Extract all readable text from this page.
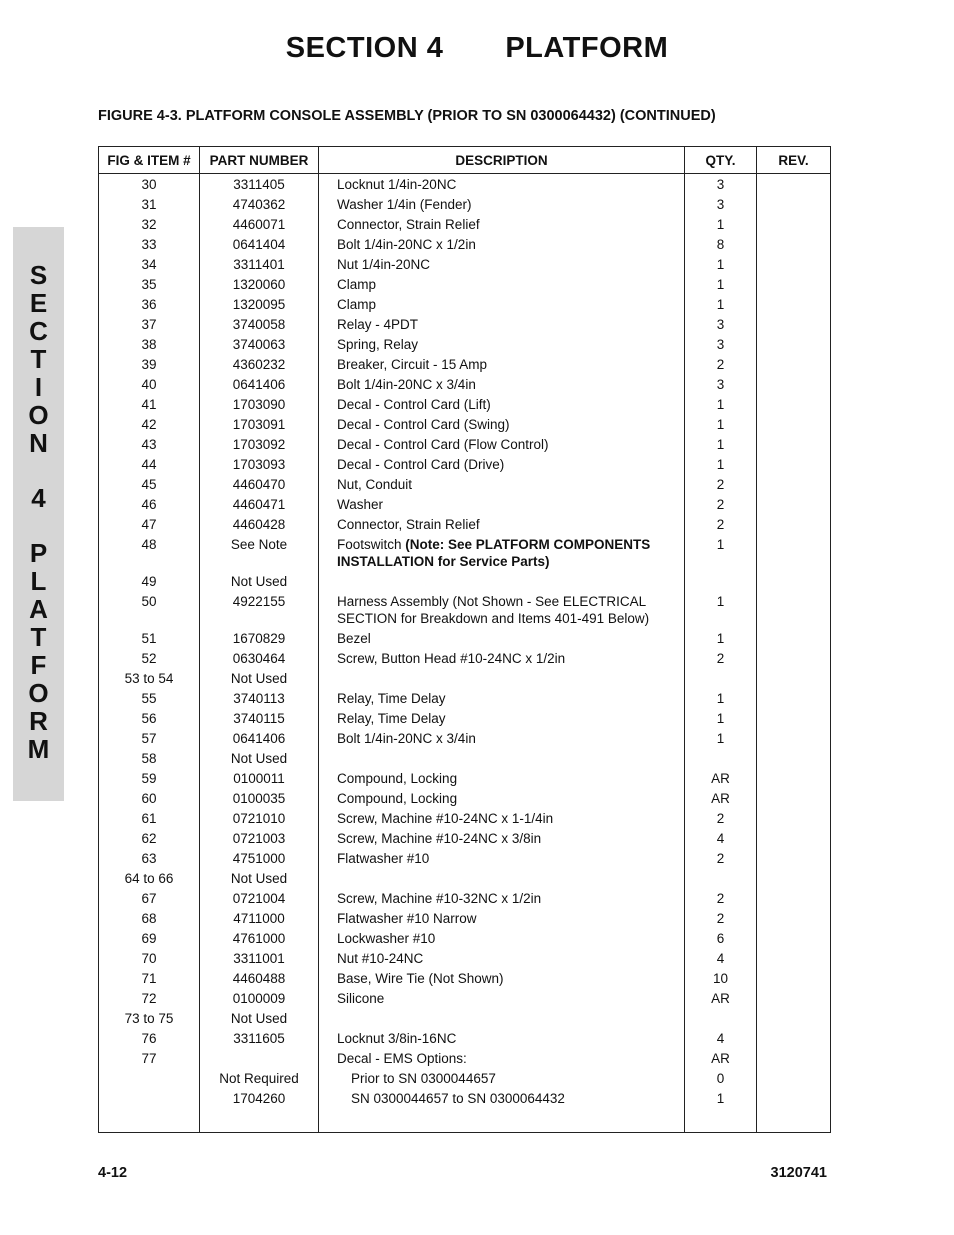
SECTION 4 PLATFORM
FIGURE 4-3. PLATFORM CONSOLE ASSEMBLY (PRIOR TO SN 0300064432) (CONTINUED)
S
E
C
T
I
O
N
4
P
L
A
T
F
O
R
M
FIG & ITEM #	PART NUMBER	DESCRIPTION	QTY.	REV.
30	3311405	Locknut 1/4in-20NC	3	
31	4740362	Washer 1/4in (Fender)	3	
32	4460071	Connector, Strain Relief	1	
33	0641404	Bolt 1/4in-20NC x 1/2in	8	
34	3311401	Nut 1/4in-20NC	1	
35	1320060	Clamp	1	
36	1320095	Clamp	1	
37	3740058	Relay - 4PDT	3	
38	3740063	Spring, Relay	3	
39	4360232	Breaker, Circuit - 15 Amp	2	
40	0641406	Bolt 1/4in-20NC x 3/4in	3	
41	1703090	Decal - Control Card (Lift)	1	
42	1703091	Decal - Control Card (Swing)	1	
43	1703092	Decal - Control Card (Flow Control)	1	
44	1703093	Decal - Control Card (Drive)	1	
45	4460470	Nut, Conduit	2	
46	4460471	Washer	2	
47	4460428	Connector, Strain Relief	2	
48	See Note	Footswitch (Note: See PLATFORM COMPONENTS INSTALLATION for Service Parts)	1	
49	Not Used			
50	4922155	Harness Assembly (Not Shown - See ELECTRICAL SECTION for Breakdown and Items 401-491 Below)	1	
51	1670829	Bezel	1	
52	0630464	Screw, Button Head #10-24NC x 1/2in	2	
53 to 54	Not Used			
55	3740113	Relay, Time Delay	1	
56	3740115	Relay, Time Delay	1	
57	0641406	Bolt 1/4in-20NC x 3/4in	1	
58	Not Used			
59	0100011	Compound, Locking	AR	
60	0100035	Compound, Locking	AR	
61	0721010	Screw, Machine #10-24NC x 1-1/4in	2	
62	0721003	Screw, Machine #10-24NC x 3/8in	4	
63	4751000	Flatwasher #10	2	
64 to 66	Not Used			
67	0721004	Screw, Machine #10-32NC x 1/2in	2	
68	4711000	Flatwasher #10 Narrow	2	
69	4761000	Lockwasher #10	6	
70	3311001	Nut #10-24NC	4	
71	4460488	Base, Wire Tie (Not Shown)	10	
72	0100009	Silicone	AR	
73 to 75	Not Used			
76	3311605	Locknut 3/8in-16NC	4	
77		Decal - EMS Options:	AR	
	Not Required	Prior to SN 0300044657	0	
	1704260	SN 0300044657 to SN 0300064432	1	

4-12	3120741
